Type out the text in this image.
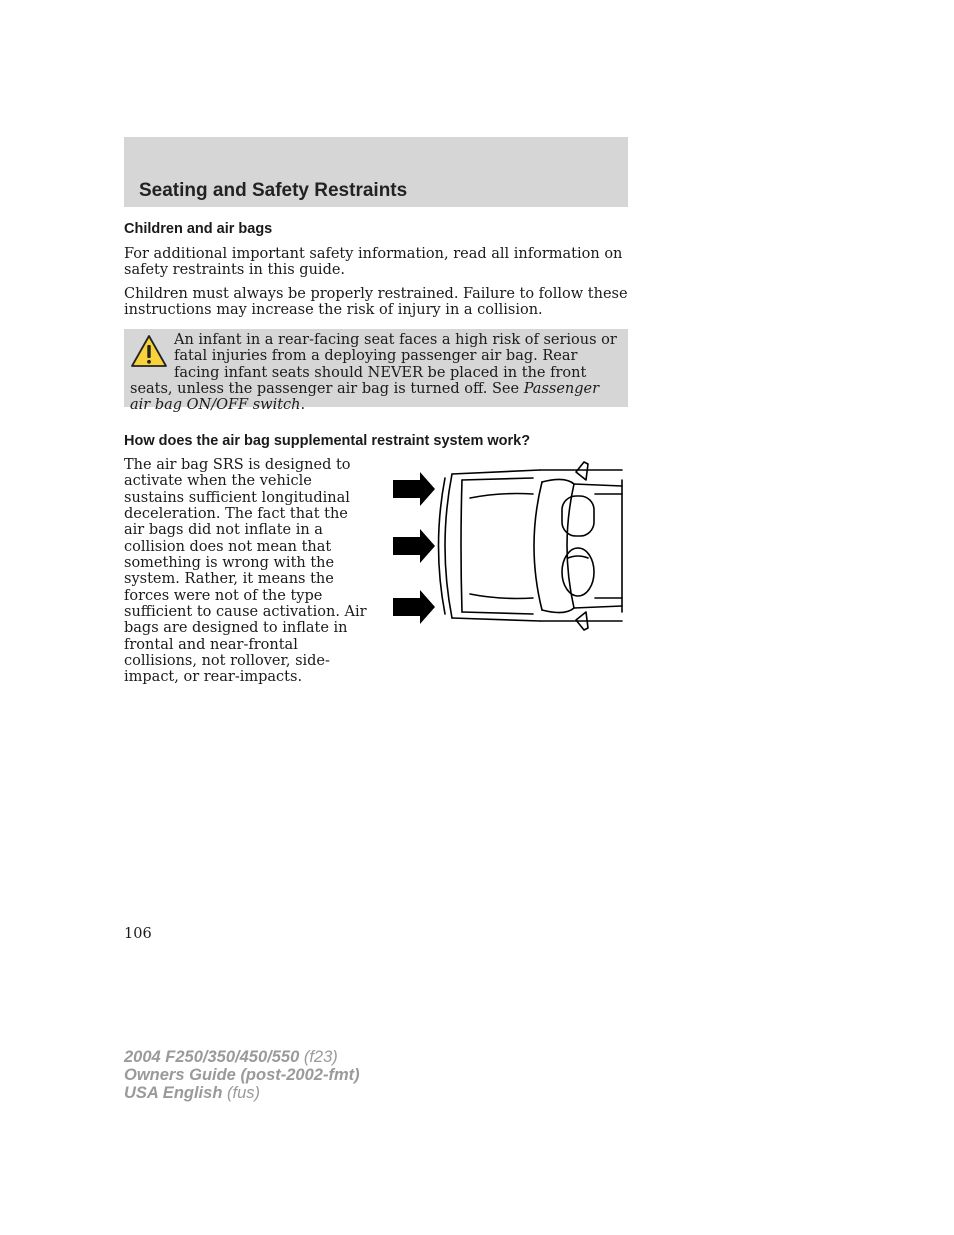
Seating and Safety Restraints
Children and air bags

For additional important safety information, read all information on safety restraints in this guide.

Children must always be properly restrained. Failure to follow these instructions may increase the risk of injury in a collision.

An infant in a rear-facing seat faces a high risk of serious or fatal injuries from a deploying passenger air bag. Rear facing infant seats should NEVER be placed in the front seats, unless the passenger air bag is turned off. See Passenger air bag ON/OFF switch.

How does the air bag supplemental restraint system work?

The air bag SRS is designed to activate when the vehicle sustains sufficient longitudinal deceleration. The fact that the air bags did not inflate in a collision does not mean that something is wrong with the system. Rather, it means the forces were not of the type sufficient to cause activation. Air bags are designed to inflate in frontal and near-frontal collisions, not rollover, side-impact, or rear-impacts.

106

2004 F250/350/450/550 (f23)
Owners Guide (post-2002-fmt)
USA English (fus)
